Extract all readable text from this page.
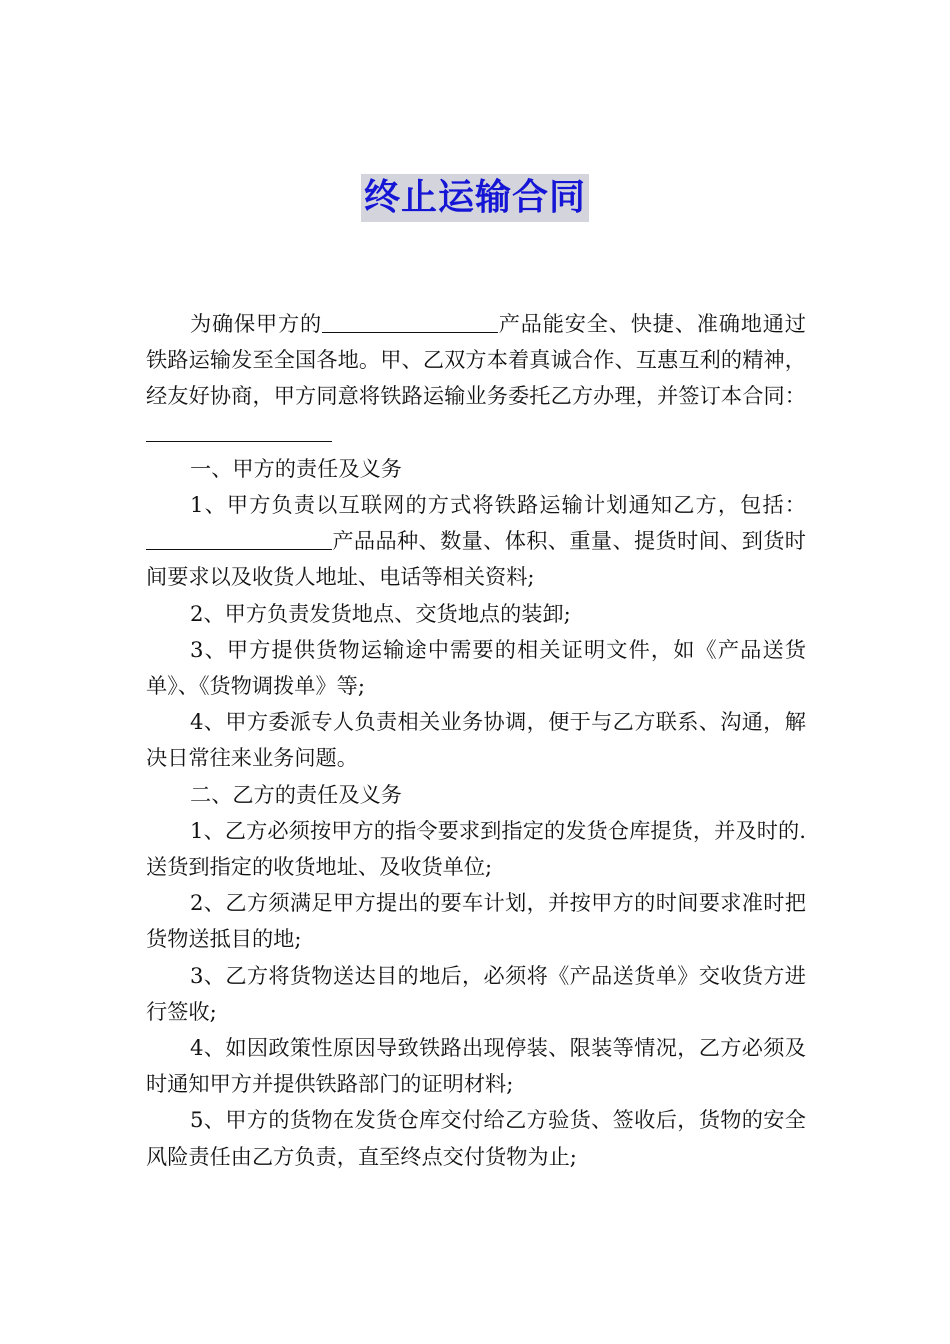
终止运输合同

为确保甲方的	产品能安全、快捷、准确地通过铁路运输发至全国各地。甲、乙双方本着真诚合作、互惠互利的精神，经友好协商，甲方同意将铁路运输业务委托乙方办理，并签订本合同：

一、甲方的责任及义务

1、甲方负责以互联网的方式将铁路运输计划通知乙方，包括：产品品种、数量、体积、重量、提货时间、到货时间要求以及收货人地址、电话等相关资料;

2、甲方负责发货地点、交货地点的装卸;

3、甲方提供货物运输途中需要的相关证明文件，如《产品送货单》、《货物调拨单》等;

4、甲方委派专人负责相关业务协调，便于与乙方联系、沟通，解决日常往来业务问题。

二、乙方的责任及义务

1、乙方必须按甲方的指令要求到指定的发货仓库提货，并及时的.送货到指定的收货地址、及收货单位;

2、乙方须满足甲方提出的要车计划，并按甲方的时间要求准时把货物送抵目的地;

3、乙方将货物送达目的地后，必须将《产品送货单》交收货方进行签收;

4、如因政策性原因导致铁路出现停装、限装等情况，乙方必须及时通知甲方并提供铁路部门的证明材料;

5、甲方的货物在发货仓库交付给乙方验货、签收后，货物的安全风险责任由乙方负责，直至终点交付货物为止;
